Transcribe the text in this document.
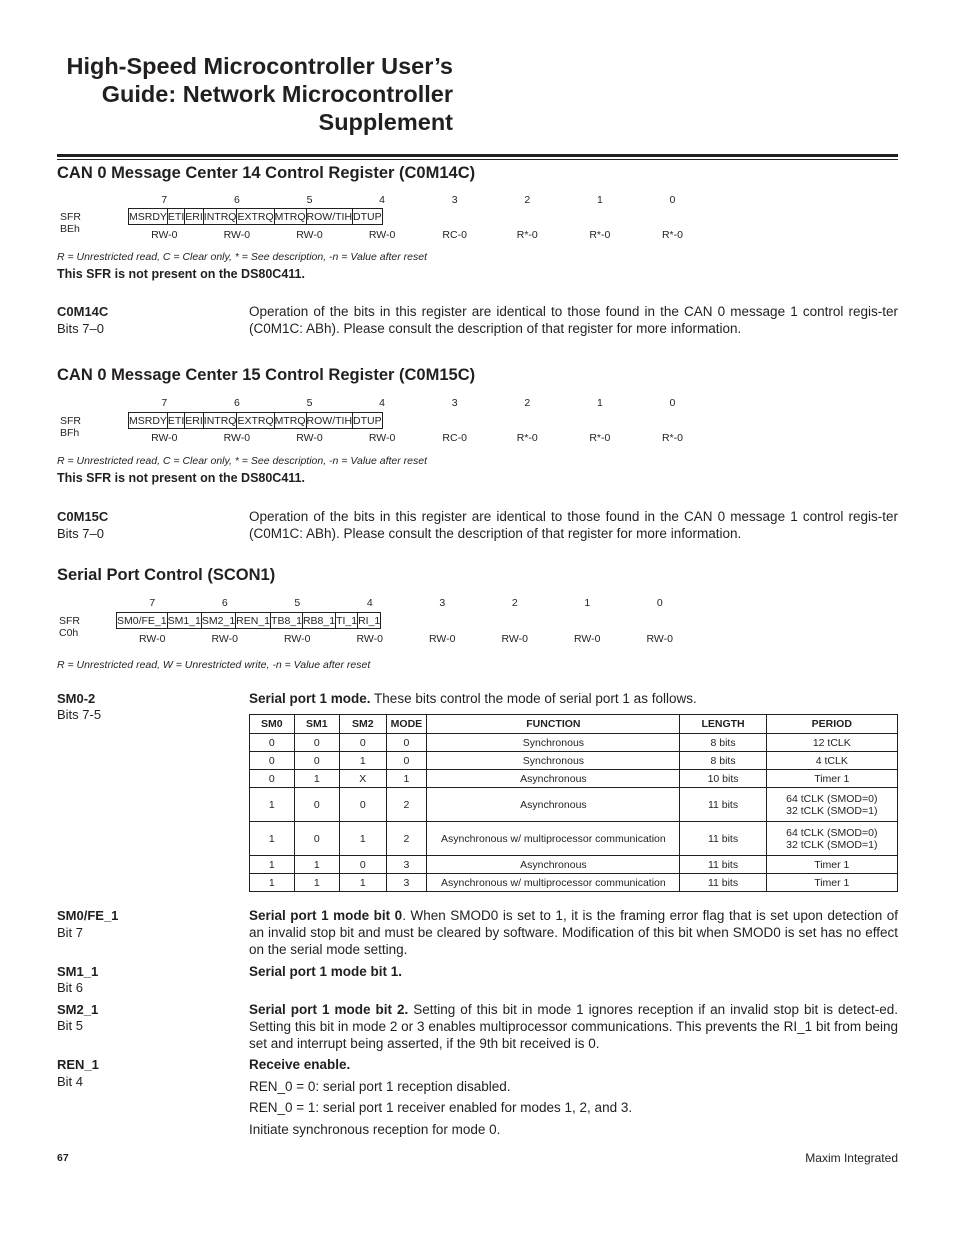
High-Speed Microcontroller User’s
Guide: Network Microcontroller
Supplement
CAN 0 Message Center 14 Control Register (C0M14C)
SFR BEh
7	6	5	4	3	2	1	0
MSRDY	ETI	ERI	INTRQ	EXTRQ	MTRQ	ROW/TIH	DTUP
RW-0	RW-0	RW-0	RW-0	RC-0	R*-0	R*-0	R*-0
R = Unrestricted read, C = Clear only, * = See description, -n = Value after reset
This SFR is not present on the DS80C411.
C0M14C
Bits 7–0
Operation of the bits in this register are identical to those found in the CAN 0 message 1 control regis-ter (C0M1C: ABh). Please consult the description of that register for more information.
CAN 0 Message Center 15 Control Register (C0M15C)
SFR BFh
7	6	5	4	3	2	1	0
MSRDY	ETI	ERI	INTRQ	EXTRQ	MTRQ	ROW/TIH	DTUP
RW-0	RW-0	RW-0	RW-0	RC-0	R*-0	R*-0	R*-0
R = Unrestricted read, C = Clear only, * = See description, -n = Value after reset
This SFR is not present on the DS80C411.
C0M15C
Bits 7–0
Operation of the bits in this register are identical to those found in the CAN 0 message 1 control regis-ter (C0M1C: ABh). Please consult the description of that register for more information.
Serial Port Control (SCON1)
SFR C0h
7	6	5	4	3	2	1	0
SM0/FE_1	SM1_1	SM2_1	REN_1	TB8_1	RB8_1	TI_1	RI_1
RW-0	RW-0	RW-0	RW-0	RW-0	RW-0	RW-0	RW-0
R = Unrestricted read, W = Unrestricted write, -n = Value after reset
SM0-2
Bits 7-5
Serial port 1 mode. These bits control the mode of serial port 1 as follows.
SM0	SM1	SM2	MODE	FUNCTION	LENGTH	PERIOD
0	0	0	0	Synchronous	8 bits	12 tCLK
0	0	1	0	Synchronous	8 bits	4 tCLK
0	1	X	1	Asynchronous	10 bits	Timer 1
1	0	0	2	Asynchronous	11 bits	64 tCLK (SMOD=0)
32 tCLK (SMOD=1)
1	0	1	2	Asynchronous w/ multiprocessor communication	11 bits	64 tCLK (SMOD=0)
32 tCLK (SMOD=1)
1	1	0	3	Asynchronous	11 bits	Timer 1
1	1	1	3	Asynchronous w/ multiprocessor communication	11 bits	Timer 1
SM0/FE_1
Bit 7
Serial port 1 mode bit 0. When SMOD0 is set to 1, it is the framing error flag that is set upon detection of an invalid stop bit and must be cleared by software. Modification of this bit when SMOD0 is set has no effect on the serial mode setting.
SM1_1
Bit 6
Serial port 1 mode bit 1.
SM2_1
Bit 5
Serial port 1 mode bit 2. Setting of this bit in mode 1 ignores reception if an invalid stop bit is detect-ed. Setting this bit in mode 2 or 3 enables multiprocessor communications. This prevents the RI_1 bit from being set and interrupt being asserted, if the 9th bit received is 0.
REN_1
Bit 4
Receive enable.
REN_0 = 0: serial port 1 reception disabled.
REN_0 = 1: serial port 1 receiver enabled for modes 1, 2, and 3.
Initiate synchronous reception for mode 0.
67	Maxim Integrated
